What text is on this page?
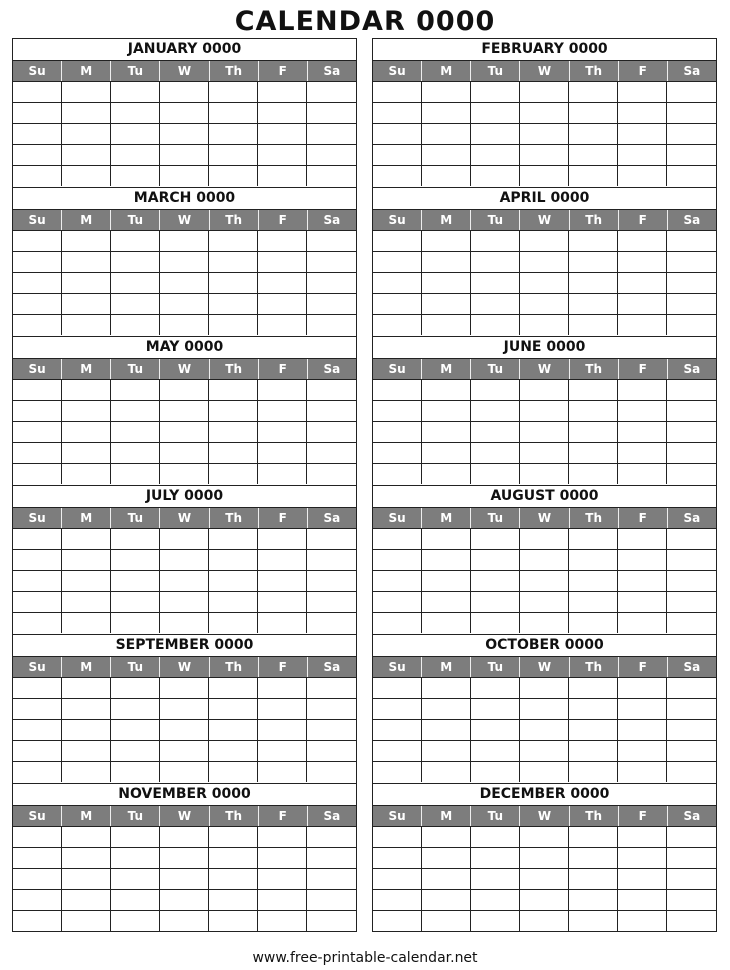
CALENDAR 0000
JANUARY 0000
Su	M	Tu	W	Th	F	Sa
MARCH 0000
Su	M	Tu	W	Th	F	Sa
MAY 0000
Su	M	Tu	W	Th	F	Sa
JULY 0000
Su	M	Tu	W	Th	F	Sa
SEPTEMBER 0000
Su	M	Tu	W	Th	F	Sa
NOVEMBER 0000
Su	M	Tu	W	Th	F	Sa
FEBRUARY 0000
Su	M	Tu	W	Th	F	Sa
APRIL 0000
Su	M	Tu	W	Th	F	Sa
JUNE 0000
Su	M	Tu	W	Th	F	Sa
AUGUST 0000
Su	M	Tu	W	Th	F	Sa
OCTOBER 0000
Su	M	Tu	W	Th	F	Sa
DECEMBER 0000
Su	M	Tu	W	Th	F	Sa
www.free-printable-calendar.net
